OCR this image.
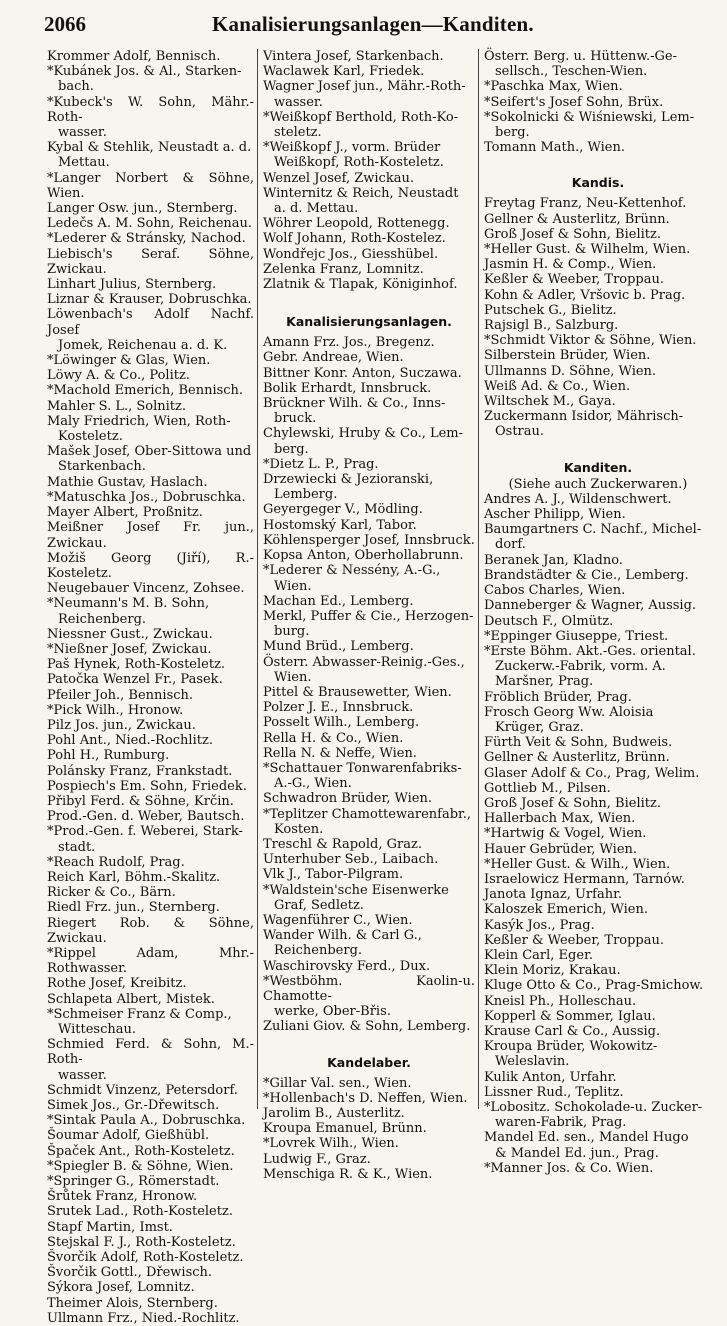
2066	Kanalisierungsanlagen—Kanditen.
Krommer Adolf, Bennisch.
*Kubánek Jos. & Al., Starken-
bach.
*Kubeck's W. Sohn, Mähr.-Roth-
wasser.
Kybal & Stehlik, Neustadt a. d.
Mettau.
*Langer Norbert & Söhne, Wien.
Langer Osw. jun., Sternberg.
Ledečs A. M. Sohn, Reichenau.
*Lederer & Stránsky, Nachod.
Liebisch's Seraf. Söhne, Zwickau.
Linhart Julius, Sternberg.
Liznar & Krauser, Dobruschka.
Löwenbach's Adolf Nachf. Josef
Jomek, Reichenau a. d. K.
*Löwinger & Glas, Wien.
Löwy A. & Co., Politz.
*Machold Emerich, Bennisch.
Mahler S. L., Solnitz.
Maly Friedrich, Wien, Roth-
Kosteletz.
Mašek Josef, Ober-Sittowa und
Starkenbach.
Mathie Gustav, Haslach.
*Matuschka Jos., Dobruschka.
Mayer Albert, Proßnitz.
Meißner Josef Fr. jun., Zwickau.
Možiš Georg (Jiří), R.-Kosteletz.
Neugebauer Vincenz, Zohsee.
*Neumann's M. B. Sohn,
Reichenberg.
Niessner Gust., Zwickau.
*Nießner Josef, Zwickau.
Paš Hynek, Roth-Kosteletz.
Patočka Wenzel Fr., Pasek.
Pfeiler Joh., Bennisch.
*Pick Wilh., Hronow.
Pilz Jos. jun., Zwickau.
Pohl Ant., Nied.-Rochlitz.
Pohl H., Rumburg.
Polánsky Franz, Frankstadt.
Pospiech's Em. Sohn, Friedek.
Přibyl Ferd. & Söhne, Krčin.
Prod.-Gen. d. Weber, Bautsch.
*Prod.-Gen. f. Weberei, Stark-
stadt.
*Reach Rudolf, Prag.
Reich Karl, Böhm.-Skalitz.
Ricker & Co., Bärn.
Riedl Frz. jun., Sternberg.
Riegert Rob. & Söhne, Zwickau.
*Rippel Adam, Mhr.-Rothwasser.
Rothe Josef, Kreibitz.
Schlapeta Albert, Mistek.
*Schmeiser Franz & Comp.,
Witteschau.
Schmied Ferd. & Sohn, M.-Roth-
wasser.
Schmidt Vinzenz, Petersdorf.
Simek Jos., Gr.-Dřewitsch.
*Sintak Paula A., Dobruschka.
Šoumar Adolf, Gießhübl.
Špaček Ant., Roth-Kosteletz.
*Spiegler B. & Söhne, Wien.
*Springer G., Römerstadt.
Šrůtek Franz, Hronow.
Srutek Lad., Roth-Kosteletz.
Stapf Martin, Imst.
Stejskal F. J., Roth-Kosteletz.
Švorčik Adolf, Roth-Kosteletz.
Švorčik Gottl., Dřewisch.
Sýkora Josef, Lomnitz.
Theimer Alois, Sternberg.
Ullmann Frz., Nied.-Rochlitz.
Vintera Josef, Starkenbach.
Waclawek Karl, Friedek.
Wagner Josef jun., Mähr.-Roth-
wasser.
*Weißkopf Berthold, Roth-Ko-
steletz.
*Weißkopf J., vorm. Brüder
Weißkopf, Roth-Kosteletz.
Wenzel Josef, Zwickau.
Winternitz & Reich, Neustadt
a. d. Mettau.
Wöhrer Leopold, Rottenegg.
Wolf Johann, Roth-Kostelez.
Wondřejc Jos., Giesshübel.
Zelenka Franz, Lomnitz.
Zlatnik & Tlapak, Königinhof.
Kanalisierungsanlagen.
Amann Frz. Jos., Bregenz.
Gebr. Andreae, Wien.
Bittner Konr. Anton, Suczawa.
Bolik Erhardt, Innsbruck.
Brückner Wilh. & Co., Inns-
bruck.
Chylewski, Hruby & Co., Lem-
berg.
*Dietz L. P., Prag.
Drzewiecki & Jezioranski,
Lemberg.
Geyergeger V., Mödling.
Hostomský Karl, Tabor.
Köhlensperger Josef, Innsbruck.
Kopsa Anton, Oberhollabrunn.
*Lederer & Nessény, A.-G.,
Wien.
Machan Ed., Lemberg.
Merkl, Puffer & Cie., Herzogen-
burg.
Mund Brüd., Lemberg.
Österr. Abwasser-Reinig.-Ges.,
Wien.
Pittel & Brausewetter, Wien.
Polzer J. E., Innsbruck.
Posselt Wilh., Lemberg.
Rella H. & Co., Wien.
Rella N. & Neffe, Wien.
*Schattauer Tonwarenfabriks-
A.-G., Wien.
Schwadron Brüder, Wien.
*Teplitzer Chamottewarenfabr.,
Kosten.
Treschl & Rapold, Graz.
Unterhuber Seb., Laibach.
Vlk J., Tabor-Pilgram.
*Waldstein'sche Eisenwerke
Graf, Sedletz.
Wagenführer C., Wien.
Wander Wilh. & Carl G.,
Reichenberg.
Waschirovsky Ferd., Dux.
*Westböhm. Kaolin-u. Chamotte-
werke, Ober-Břis.
Zuliani Giov. & Sohn, Lemberg.
Kandelaber.
*Gillar Val. sen., Wien.
*Hollenbach's D. Neffen, Wien.
Jarolim B., Austerlitz.
Kroupa Emanuel, Brünn.
*Lovrek Wilh., Wien.
Ludwig F., Graz.
Menschiga R. & K., Wien.
Österr. Berg. u. Hüttenw.-Ge-
sellsch., Teschen-Wien.
*Paschka Max, Wien.
*Seifert's Josef Sohn, Brüx.
*Sokolnicki & Wiśniewski, Lem-
berg.
Tomann Math., Wien.
Kandis.
Freytag Franz, Neu-Kettenhof.
Gellner & Austerlitz, Brünn.
Groß Josef & Sohn, Bielitz.
*Heller Gust. & Wilhelm, Wien.
Jasmin H. & Comp., Wien.
Keßler & Weeber, Troppau.
Kohn & Adler, Vršovic b. Prag.
Putschek G., Bielitz.
Rajsigl B., Salzburg.
*Schmidt Viktor & Söhne, Wien.
Silberstein Brüder, Wien.
Ullmanns D. Söhne, Wien.
Weiß Ad. & Co., Wien.
Wiltschek M., Gaya.
Zuckermann Isidor, Mährisch-
Ostrau.
Kanditen.
(Siehe auch Zuckerwaren.)
Andres A. J., Wildenschwert.
Ascher Philipp, Wien.
Baumgartners C. Nachf., Michel-
dorf.
Beranek Jan, Kladno.
Brandstädter & Cie., Lemberg.
Cabos Charles, Wien.
Danneberger & Wagner, Aussig.
Deutsch F., Olmütz.
*Eppinger Giuseppe, Triest.
*Erste Böhm. Akt.-Ges. oriental.
Zuckerw.-Fabrik, vorm. A.
Maršner, Prag.
Fröblich Brüder, Prag.
Frosch Georg Ww. Aloisia
Krüger, Graz.
Fürth Veit & Sohn, Budweis.
Gellner & Austerlitz, Brünn.
Glaser Adolf & Co., Prag, Welim.
Gottlieb M., Pilsen.
Groß Josef & Sohn, Bielitz.
Hallerbach Max, Wien.
*Hartwig & Vogel, Wien.
Hauer Gebrüder, Wien.
*Heller Gust. & Wilh., Wien.
Israelowicz Hermann, Tarnów.
Janota Ignaz, Urfahr.
Kaloszek Emerich, Wien.
Kasýk Jos., Prag.
Keßler & Weeber, Troppau.
Klein Carl, Eger.
Klein Moriz, Krakau.
Kluge Otto & Co., Prag-Smichow.
Kneisl Ph., Holleschau.
Kopperl & Sommer, Iglau.
Krause Carl & Co., Aussig.
Kroupa Brüder, Wokowitz-
Weleslavin.
Kulik Anton, Urfahr.
Lissner Rud., Teplitz.
*Lobositz. Schokolade-u. Zucker-
waren-Fabrik, Prag.
Mandel Ed. sen., Mandel Hugo
& Mandel Ed. jun., Prag.
*Manner Jos. & Co. Wien.
